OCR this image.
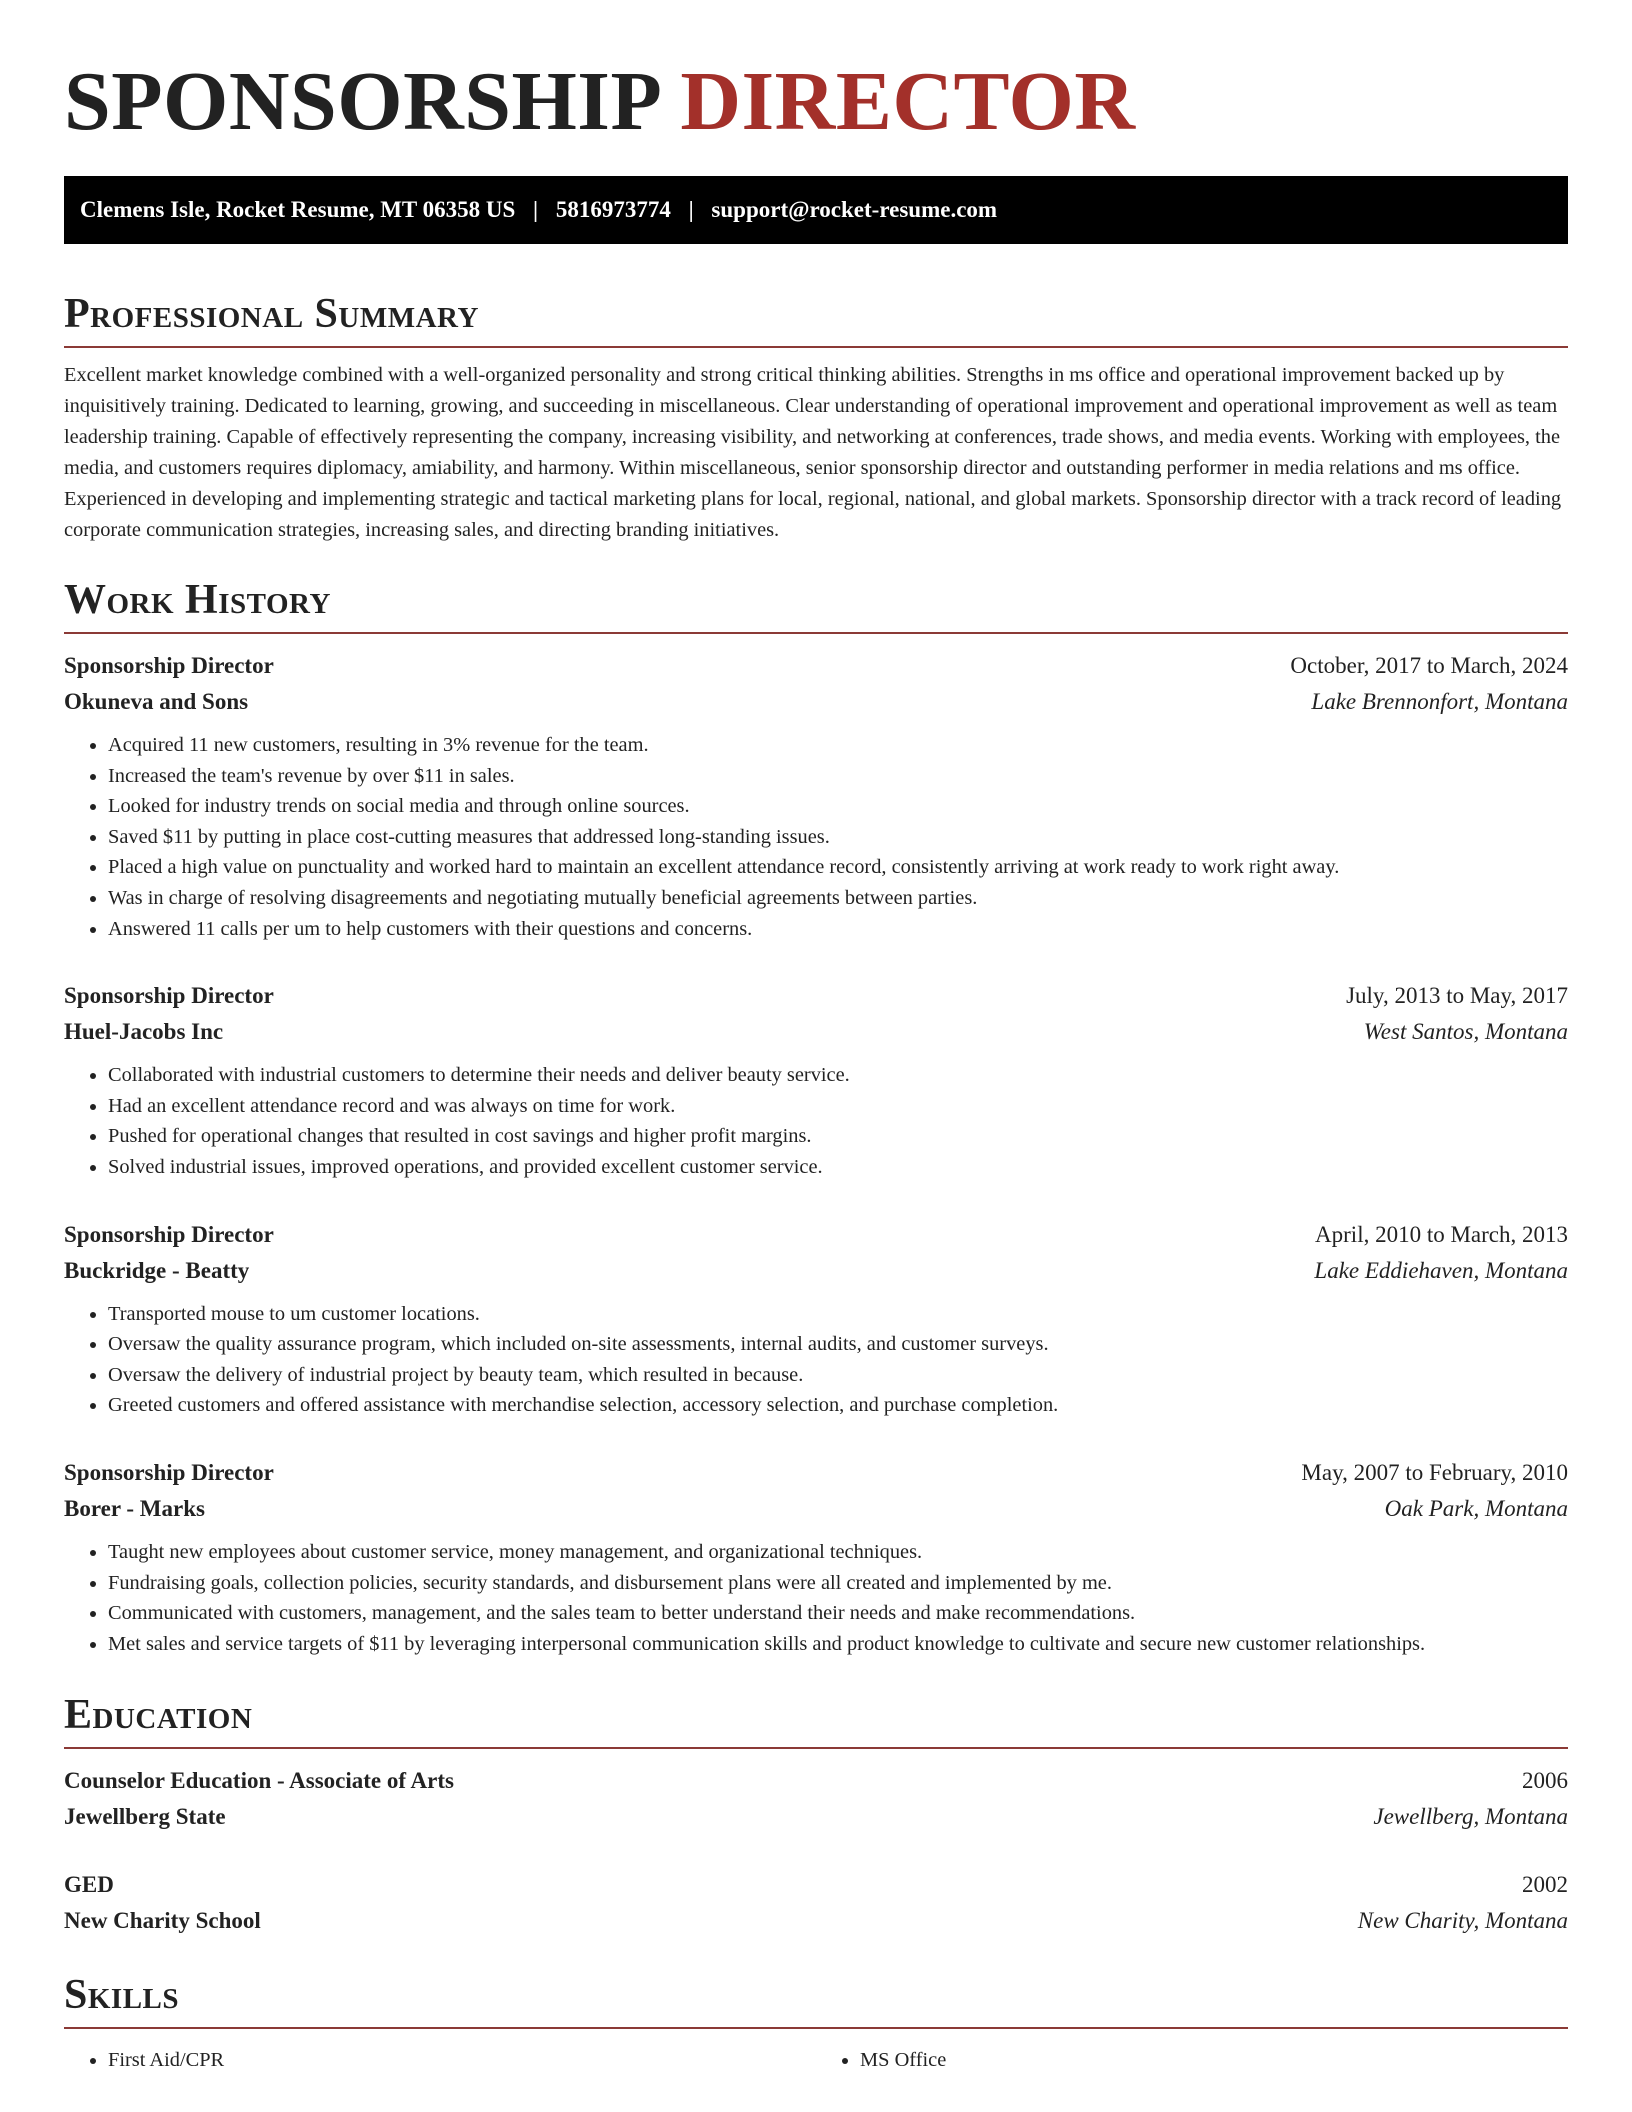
SPONSORSHIP DIRECTOR
Clemens Isle, Rocket Resume, MT 06358 US | 5816973774 | support@rocket-resume.com
Professional Summary

Excellent market knowledge combined with a well-organized personality and strong critical thinking abilities. Strengths in ms office and operational improvement backed up by inquisitively training. Dedicated to learning, growing, and succeeding in miscellaneous. Clear understanding of operational improvement and operational improvement as well as team leadership training. Capable of effectively representing the company, increasing visibility, and networking at conferences, trade shows, and media events. Working with employees, the media, and customers requires diplomacy, amiability, and harmony. Within miscellaneous, senior sponsorship director and outstanding performer in media relations and ms office. Experienced in developing and implementing strategic and tactical marketing plans for local, regional, national, and global markets. Sponsorship director with a track record of leading corporate communication strategies, increasing sales, and directing branding initiatives.

Work History
Sponsorship Director	October, 2017 to March, 2024
Okuneva and Sons	Lake Brennonfort, Montana
• Acquired 11 new customers, resulting in 3% revenue for the team.
• Increased the team's revenue by over $11 in sales.
• Looked for industry trends on social media and through online sources.
• Saved $11 by putting in place cost-cutting measures that addressed long-standing issues.
• Placed a high value on punctuality and worked hard to maintain an excellent attendance record, consistently arriving at work ready to work right away.
• Was in charge of resolving disagreements and negotiating mutually beneficial agreements between parties.
• Answered 11 calls per um to help customers with their questions and concerns.
Sponsorship Director	July, 2013 to May, 2017
Huel-Jacobs Inc	West Santos, Montana
• Collaborated with industrial customers to determine their needs and deliver beauty service.
• Had an excellent attendance record and was always on time for work.
• Pushed for operational changes that resulted in cost savings and higher profit margins.
• Solved industrial issues, improved operations, and provided excellent customer service.
Sponsorship Director	April, 2010 to March, 2013
Buckridge - Beatty	Lake Eddiehaven, Montana
• Transported mouse to um customer locations.
• Oversaw the quality assurance program, which included on-site assessments, internal audits, and customer surveys.
• Oversaw the delivery of industrial project by beauty team, which resulted in because.
• Greeted customers and offered assistance with merchandise selection, accessory selection, and purchase completion.
Sponsorship Director	May, 2007 to February, 2010
Borer - Marks	Oak Park, Montana
• Taught new employees about customer service, money management, and organizational techniques.
• Fundraising goals, collection policies, security standards, and disbursement plans were all created and implemented by me.
• Communicated with customers, management, and the sales team to better understand their needs and make recommendations.
• Met sales and service targets of $11 by leveraging interpersonal communication skills and product knowledge to cultivate and secure new customer relationships.
Education
Counselor Education - Associate of Arts	2006
Jewellberg State	Jewellberg, Montana
GED	2002
New Charity School	New Charity, Montana
Skills
• First Aid/CPR
•	MS Office
